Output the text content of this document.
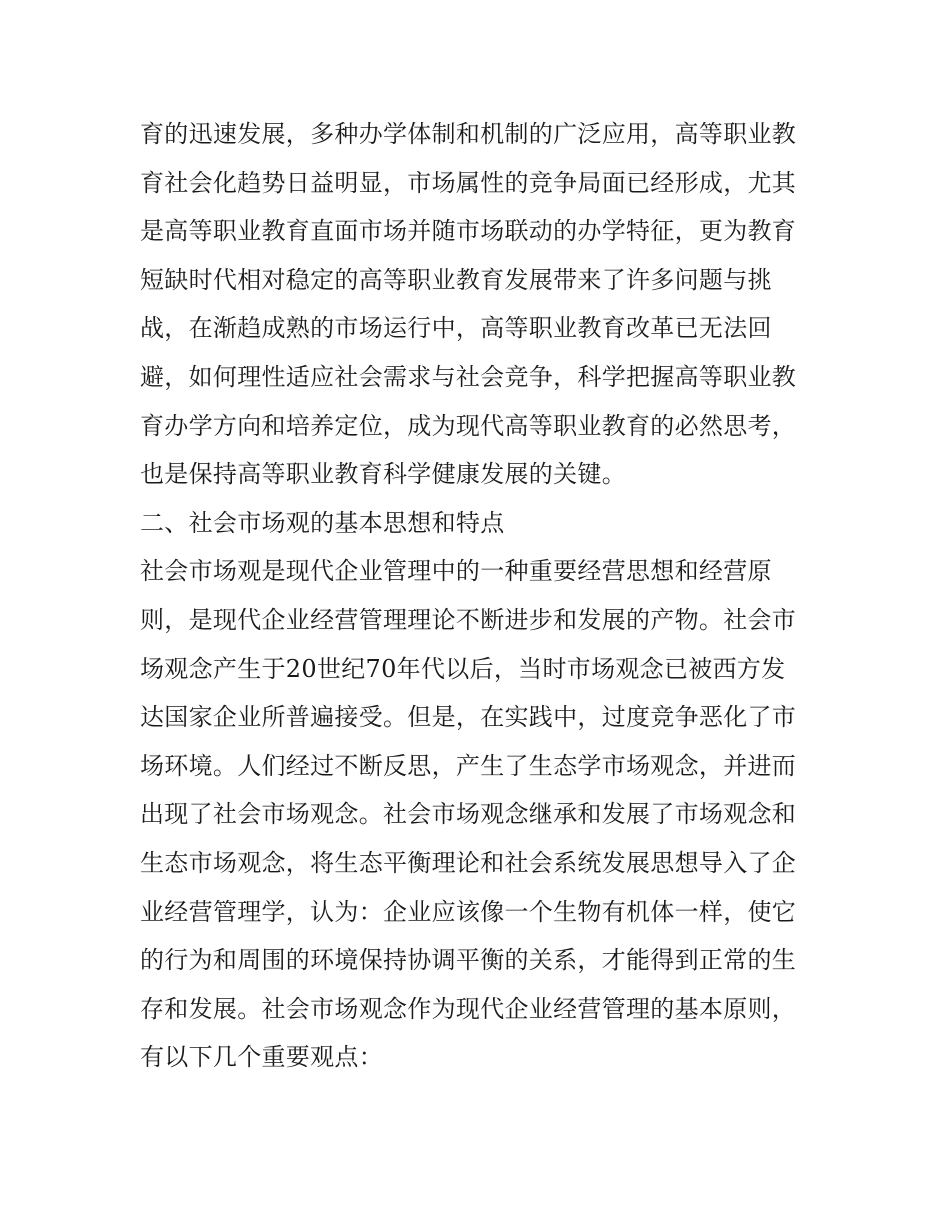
育的迅速发展，多种办学体制和机制的广泛应用，高等职业教
育社会化趋势日益明显，市场属性的竞争局面已经形成，尤其
是高等职业教育直面市场并随市场联动的办学特征，更为教育
短缺时代相对稳定的高等职业教育发展带来了许多问题与挑
战，在渐趋成熟的市场运行中，高等职业教育改革已无法回
避，如何理性适应社会需求与社会竞争，科学把握高等职业教
育办学方向和培养定位，成为现代高等职业教育的必然思考，
也是保持高等职业教育科学健康发展的关键。
二、社会市场观的基本思想和特点
社会市场观是现代企业管理中的一种重要经营思想和经营原
则，是现代企业经营管理理论不断进步和发展的产物。社会市
场观念产生于20世纪70年代以后，当时市场观念已被西方发
达国家企业所普遍接受。但是，在实践中，过度竞争恶化了市
场环境。人们经过不断反思，产生了生态学市场观念，并进而
出现了社会市场观念。社会市场观念继承和发展了市场观念和
生态市场观念，将生态平衡理论和社会系统发展思想导入了企
业经营管理学，认为：企业应该像一个生物有机体一样，使它
的行为和周围的环境保持协调平衡的关系，才能得到正常的生
存和发展。社会市场观念作为现代企业经营管理的基本原则，
有以下几个重要观点：
